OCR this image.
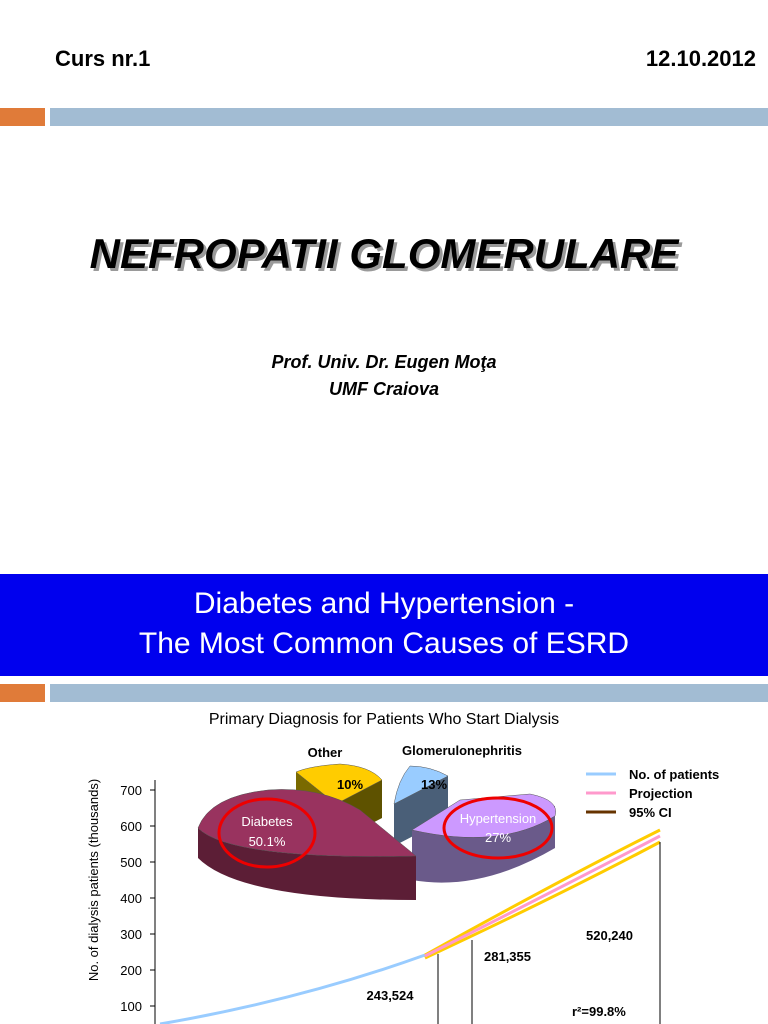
Curs nr.1	12.10.2012
NEFROPATII GLOMERULARE
Prof. Univ. Dr. Eugen Moţa
UMF Craiova
Diabetes and Hypertension -
The Most Common Causes of ESRD
Primary Diagnosis for Patients Who Start Dialysis
No. of dialysis patients (thousands) 700
600
500
400
300
200
100
243,524
281,355
520,240
r²=99.8%
No. of patients
Projection
95% CI
10%
Other
13%
Glomerulonephritis
Hypertension
27%
Diabetes
50.1%
